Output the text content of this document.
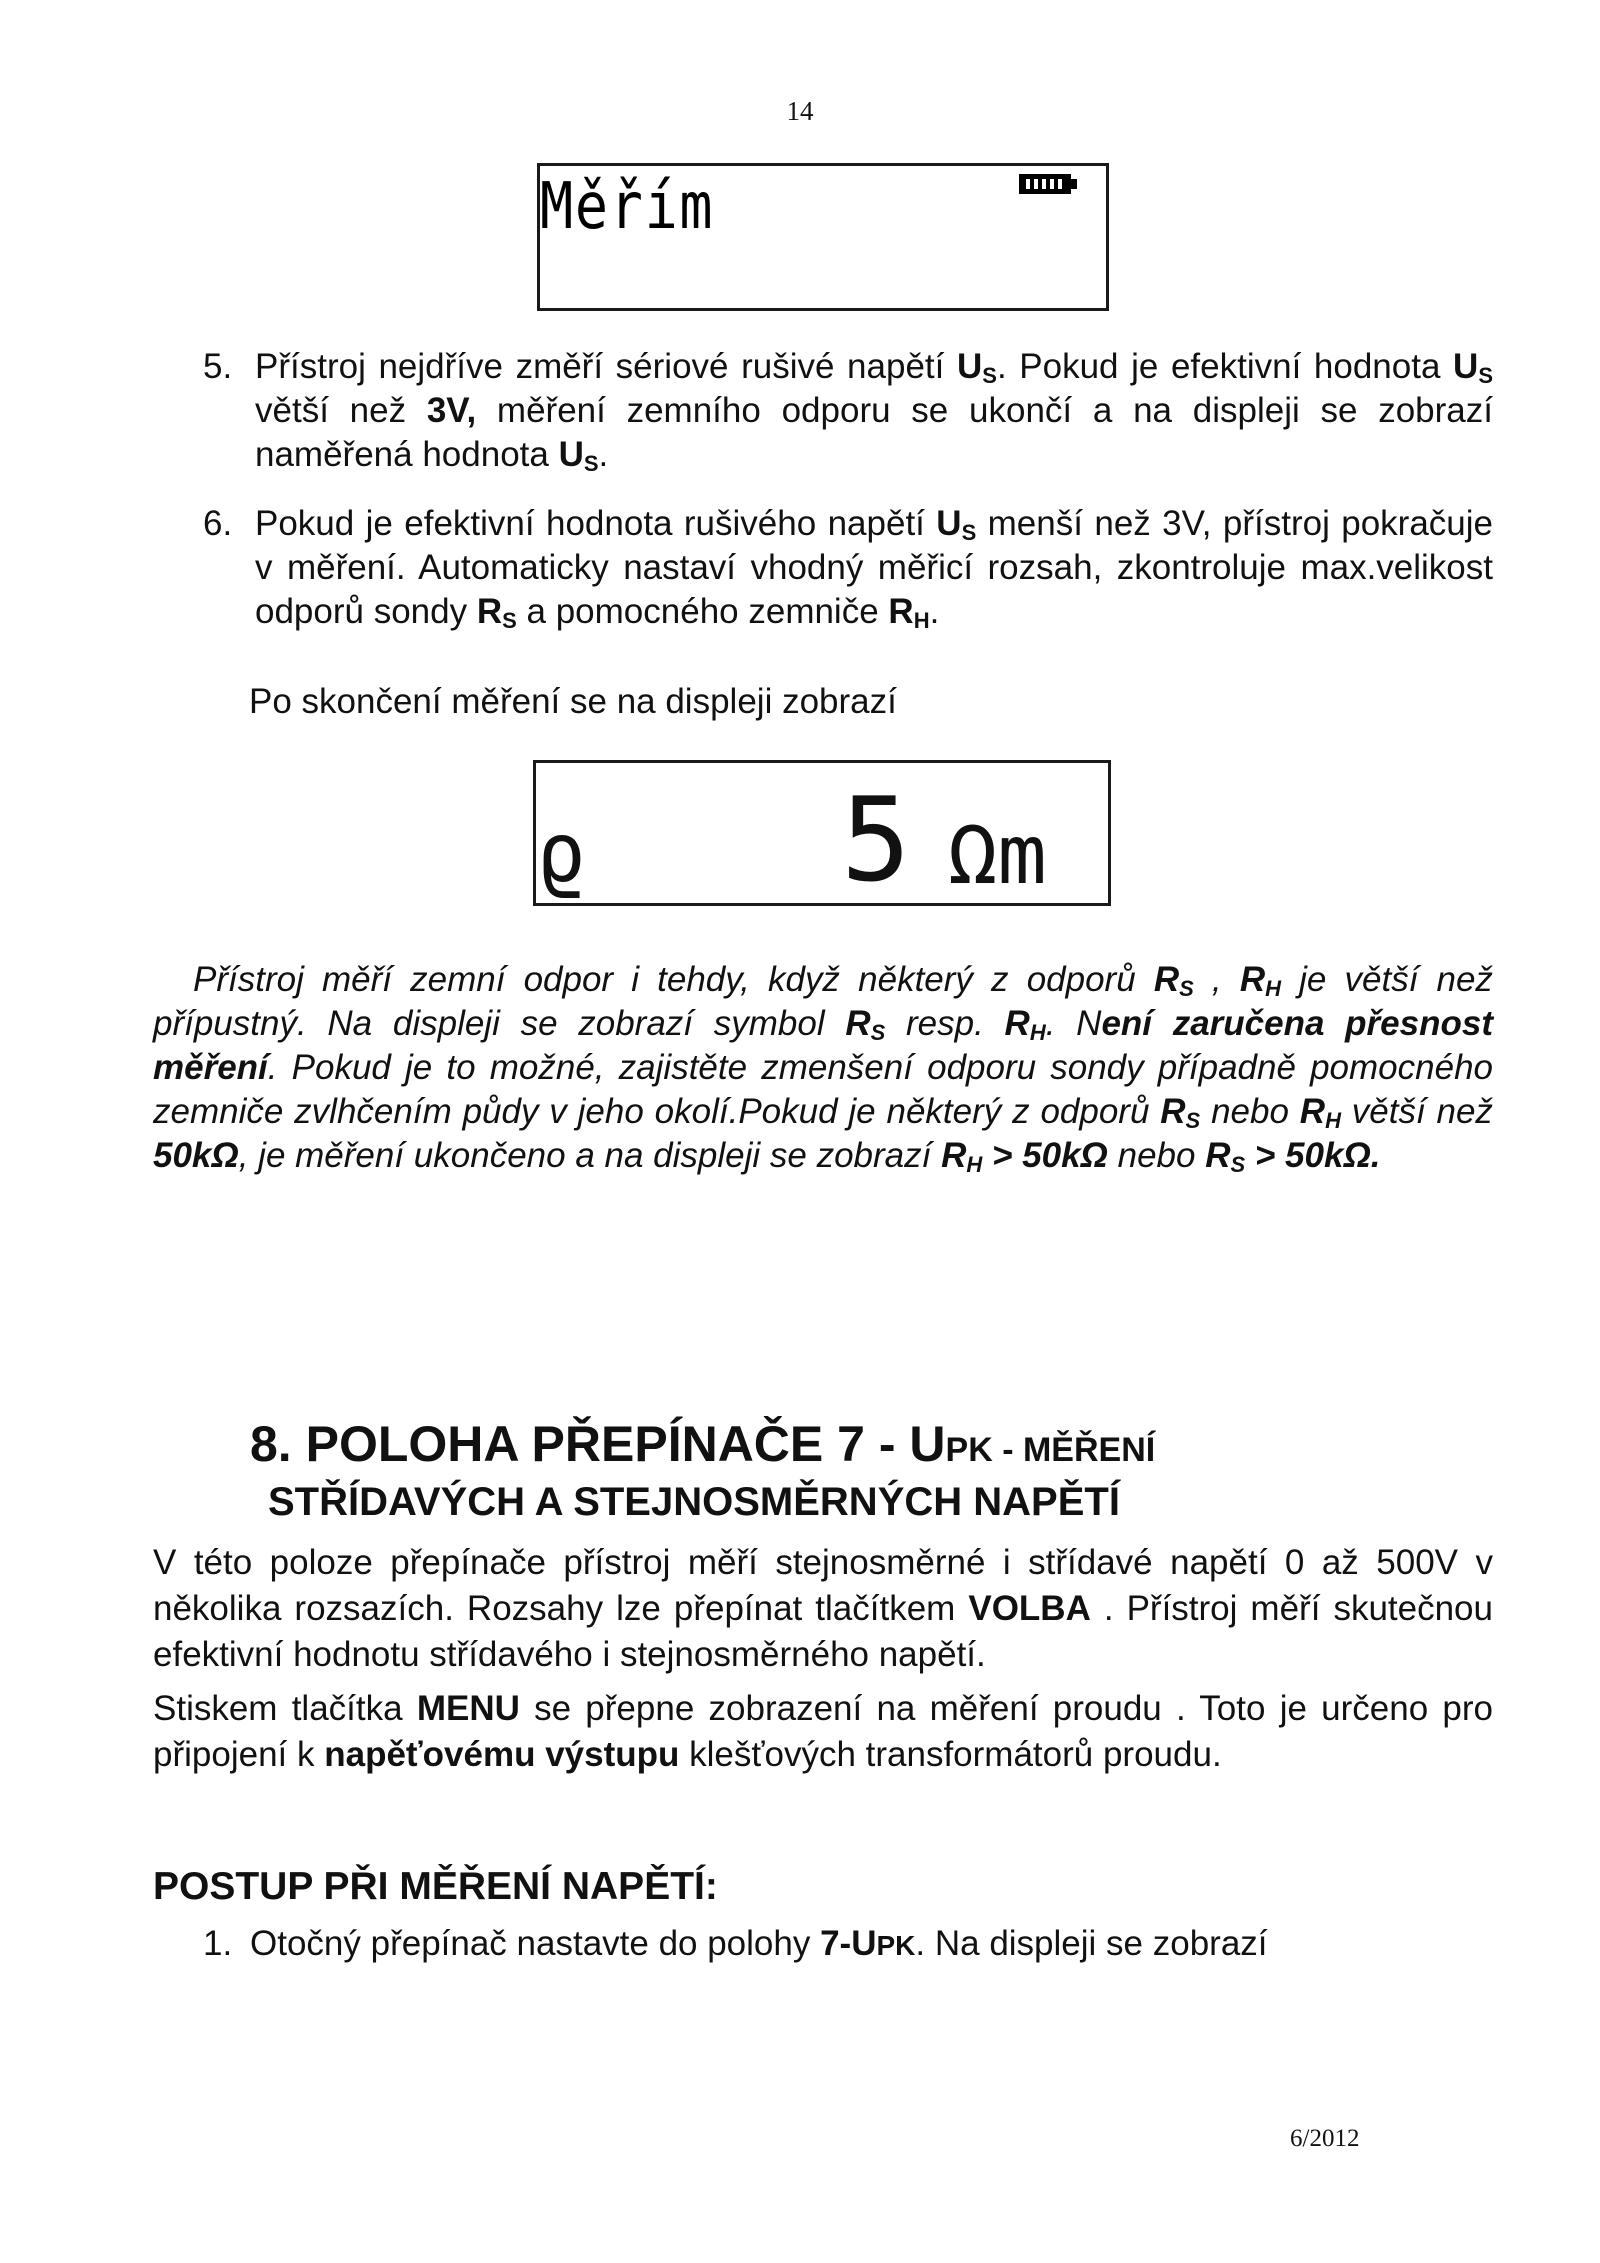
14
Měřím
5. Přístroj nejdříve změří sériové rušivé napětí $U_S$. Pokud je efektivní hodnota $U_S$ větší než 3V, měření zemního odporu se ukončí a na displeji se zobrazí naměřená hodnota $U_S$.
6. Pokud je efektivní hodnota rušivého napětí $U_S$ menší než 3V, přístroj pokračuje v měření. Automaticky nastaví vhodný měřicí rozsah, zkontroluje max.velikost odporů sondy $R_S$ a pomocného zemniče $R_H$.
Po skončení měření se na displeji zobrazí
ϱ 5 Ωm
Přístroj měří zemní odpor i tehdy, když některý z odporů $R_S$ , $R_H$ je větší než přípustný. Na displeji se zobrazí symbol $R_S$ resp. $R_H$. Není zaručena přesnost měření. Pokud je to možné, zajistěte zmenšení odporu sondy případně pomocného zemniče zvlhčením půdy v jeho okolí.Pokud je některý z odporů $R_S$ nebo $R_H$ větší než 50kΩ, je měření ukončeno a na displeji se zobrazí $R_H > 50k\Omega$ nebo $R_S > 50k\Omega$.
8. POLOHA PŘEPÍNAČE 7 - UPK - MĚŘENÍ
STŘÍDAVÝCH A STEJNOSMĚRNÝCH NAPĚTÍ
V této poloze přepínače přístroj měří stejnosměrné i střídavé napětí 0 až 500V v několika rozsazích. Rozsahy lze přepínat tlačítkem VOLBA . Přístroj měří skutečnou efektivní hodnotu střídavého i stejnosměrného napětí.
Stiskem tlačítka MENU se přepne zobrazení na měření proudu . Toto je určeno pro připojení k napěťovému výstupu klešťových transformátorů proudu.
POSTUP PŘI MĚŘENÍ NAPĚTÍ:
1. Otočný přepínač nastavte do polohy 7-UPK. Na displeji se zobrazí
6/2012
